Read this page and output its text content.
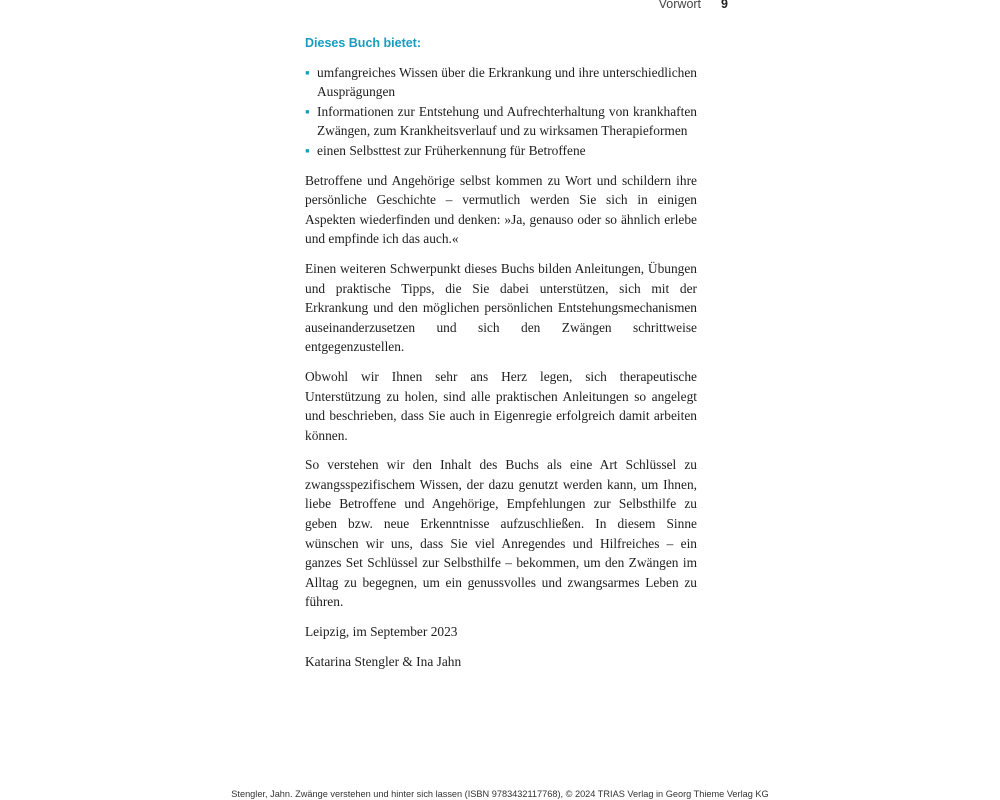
Vorwort 9
Dieses Buch bietet:
▪ umfangreiches Wissen über die Erkrankung und ihre unterschiedlichen Ausprägungen
▪ Informationen zur Entstehung und Aufrechterhaltung von krankhaften Zwängen, zum Krankheitsverlauf und zu wirksamen Therapieformen
▪ einen Selbsttest zur Früherkennung für Betroffene

Betroffene und Angehörige selbst kommen zu Wort und schildern ihre persönliche Geschichte – vermutlich werden Sie sich in einigen Aspekten wiederfinden und denken: »Ja, genauso oder so ähnlich erlebe und empfinde ich das auch.«

Einen weiteren Schwerpunkt dieses Buchs bilden Anleitungen, Übungen und praktische Tipps, die Sie dabei unterstützen, sich mit der Erkrankung und den möglichen persönlichen Entstehungsmechanismen auseinanderzusetzen und sich den Zwängen schrittweise entgegenzustellen.

Obwohl wir Ihnen sehr ans Herz legen, sich therapeutische Unterstützung zu holen, sind alle praktischen Anleitungen so angelegt und beschrieben, dass Sie auch in Eigenregie erfolgreich damit arbeiten können.

So verstehen wir den Inhalt des Buchs als eine Art Schlüssel zu zwangsspezifischem Wissen, der dazu genutzt werden kann, um Ihnen, liebe Betroffene und Angehörige, Empfehlungen zur Selbsthilfe zu geben bzw. neue Erkenntnisse aufzuschließen. In diesem Sinne wünschen wir uns, dass Sie viel Anregendes und Hilfreiches – ein ganzes Set Schlüssel zur Selbsthilfe – bekommen, um den Zwängen im Alltag zu begegnen, um ein genussvolles und zwangsarmes Leben zu führen.

Leipzig, im September 2023

Katarina Stengler & Ina Jahn

Stengler, Jahn. Zwänge verstehen und hinter sich lassen (ISBN 9783432117768), © 2024 TRIAS Verlag in Georg Thieme Verlag KG
